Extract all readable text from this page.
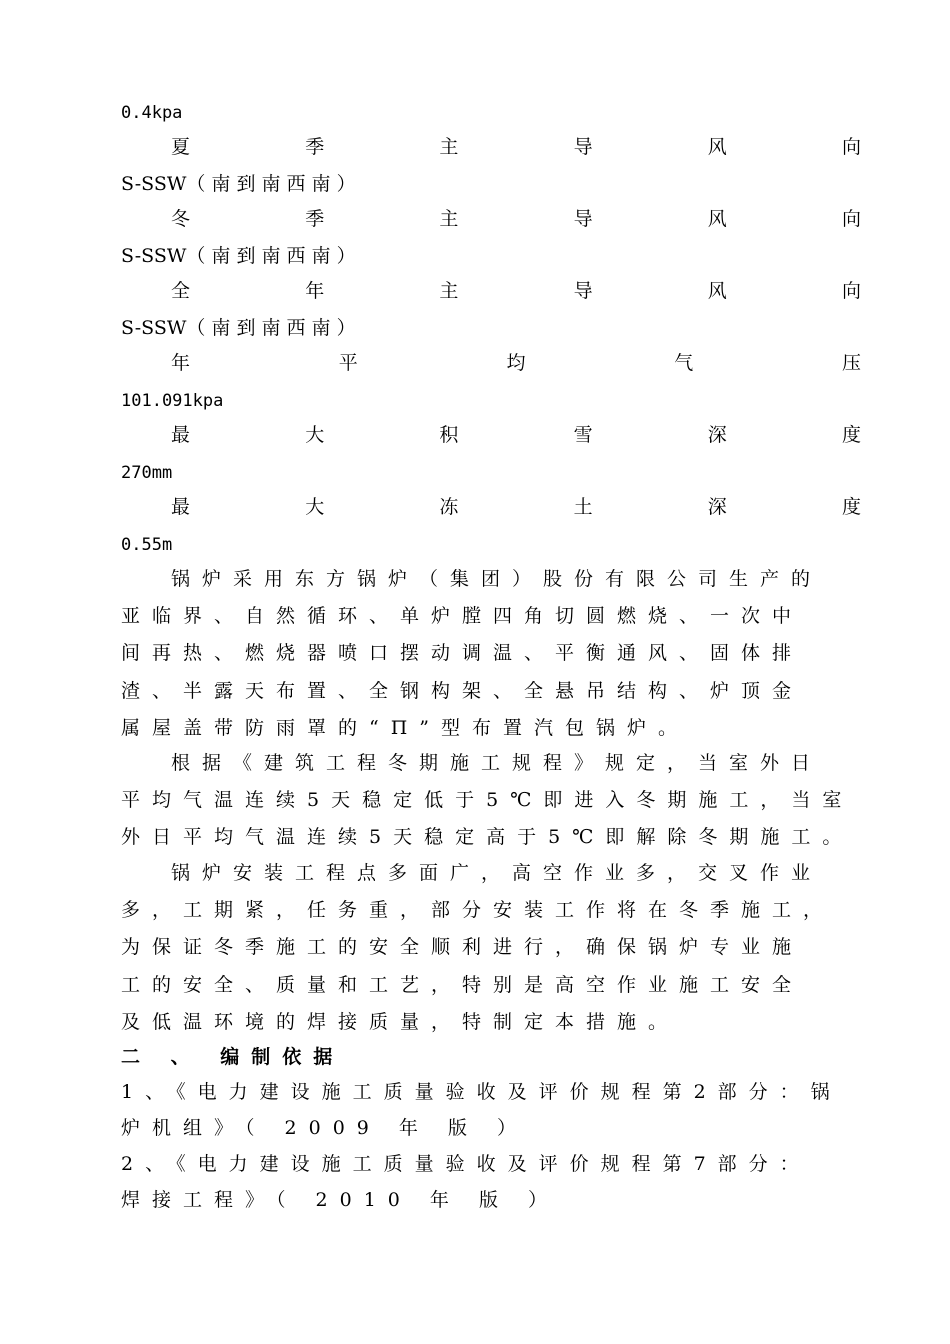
0.4kpa
夏	季	主	导	风	向
S-SSW（ 南 到 南 西 南 ）
冬	季	主	导	风	向
S-SSW（ 南 到 南 西 南 ）
全	年	主	导	风	向
S-SSW（ 南 到 南 西 南 ）
年	平	均	气	压
101.091kpa
最	大	积	雪	深	度
270mm
最	大	冻	土	深	度
0.55m
锅炉采用东方锅炉（集团）股份有限公司生产的
亚临界、自然循环、单炉膛四角切圆燃烧、一次中
间再热、燃烧器喷口摆动调温、平衡通风、固体排
渣、半露天布置、全钢构架、全悬吊结构、炉顶金
属屋盖带防雨罩的“Π”型布置汽包锅炉。
根据《建筑工程冬期施工规程》规定，当室外日
平均气温连续5天稳定低于5℃即进入冬期施工，当室
外日平均气温连续5天稳定高于5℃即解除冬期施工。
锅炉安装工程点多面广，高空作业多，交叉作业
多，工期紧，任务重，部分安装工作将在冬季施工，
为保证冬季施工的安全顺利进行，确保锅炉专业施
工的安全、质量和工艺，特别是高空作业施工安全
及低温环境的焊接质量，特制定本措施。
二 、 编制依据
1、《电力建设施工质量验收及评价规程第2部分：锅
炉机组》（ 2009 年 版 ）
2、《电力建设施工质量验收及评价规程第7部分：
焊接工程》（ 2010 年 版 ）
